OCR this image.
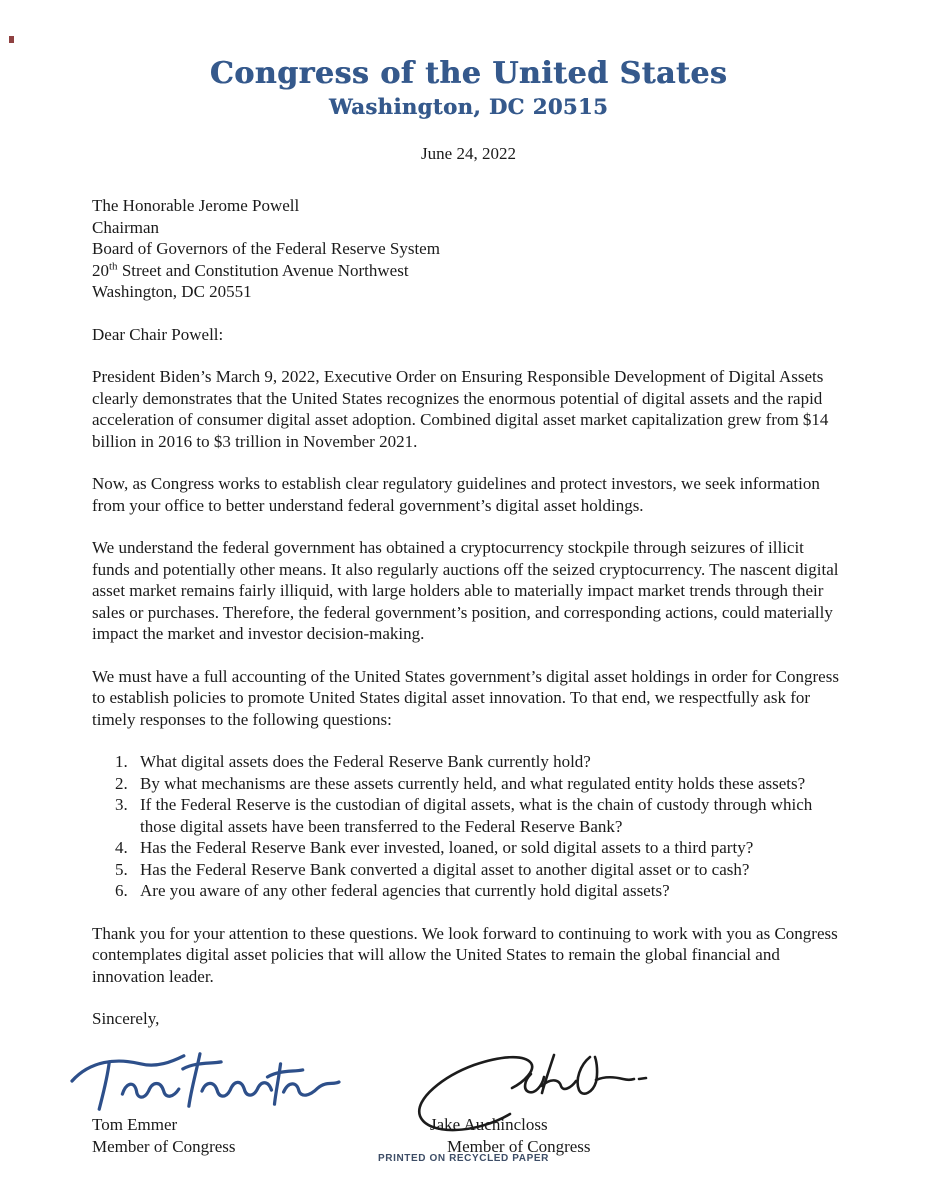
Congress of the United States
Washington, DC 20515
June 24, 2022
The Honorable Jerome Powell
Chairman
Board of Governors of the Federal Reserve System
20th Street and Constitution Avenue Northwest
Washington, DC 20551

Dear Chair Powell:

President Biden’s March 9, 2022, Executive Order on Ensuring Responsible Development of Digital Assets clearly demonstrates that the United States recognizes the enormous potential of digital assets and the rapid acceleration of consumer digital asset adoption. Combined digital asset market capitalization grew from $14 billion in 2016 to $3 trillion in November 2021.

Now, as Congress works to establish clear regulatory guidelines and protect investors, we seek information from your office to better understand federal government’s digital asset holdings.

We understand the federal government has obtained a cryptocurrency stockpile through seizures of illicit funds and potentially other means. It also regularly auctions off the seized cryptocurrency. The nascent digital asset market remains fairly illiquid, with large holders able to materially impact market trends through their sales or purchases. Therefore, the federal government’s position, and corresponding actions, could materially impact the market and investor decision-making.

We must have a full accounting of the United States government’s digital asset holdings in order for Congress to establish policies to promote United States digital asset innovation. To that end, we respectfully ask for timely responses to the following questions:

What digital assets does the Federal Reserve Bank currently hold?
By what mechanisms are these assets currently held, and what regulated entity holds these assets?
If the Federal Reserve is the custodian of digital assets, what is the chain of custody through which those digital assets have been transferred to the Federal Reserve Bank?
Has the Federal Reserve Bank ever invested, loaned, or sold digital assets to a third party?
Has the Federal Reserve Bank converted a digital asset to another digital asset or to cash?
Are you aware of any other federal agencies that currently hold digital assets?

Thank you for your attention to these questions. We look forward to continuing to work with you as Congress contemplates digital asset policies that will allow the United States to remain the global financial and innovation leader.

Sincerely,
Tom Emmer
Member of Congress
Jake Auchincloss
Member of Congress
PRINTED ON RECYCLED PAPER
